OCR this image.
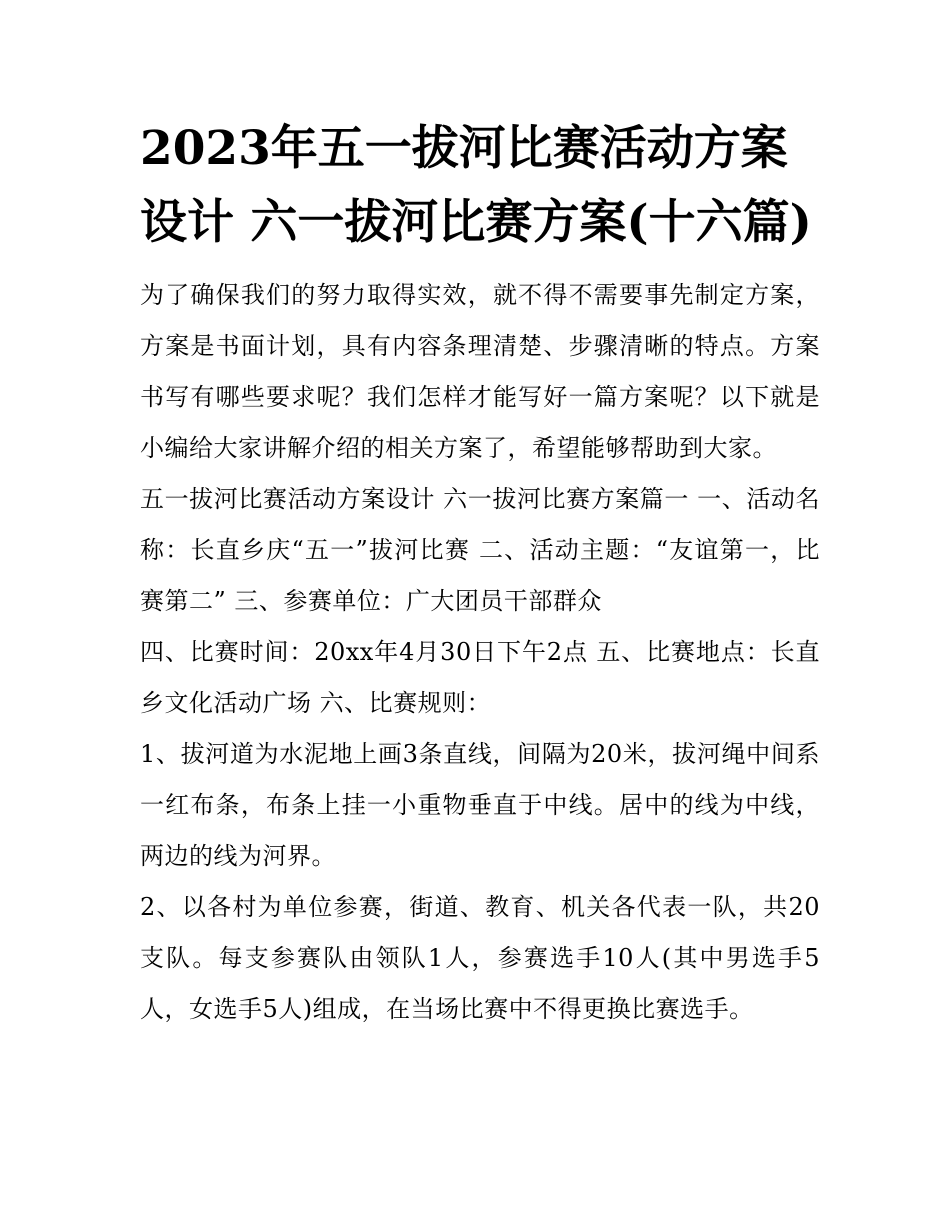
2023年五一拔河比赛活动方案设计 六一拔河比赛方案(十六篇)

为了确保我们的努力取得实效，就不得不需要事先制定方案，方案是书面计划，具有内容条理清楚、步骤清晰的特点。方案书写有哪些要求呢？我们怎样才能写好一篇方案呢？以下就是小编给大家讲解介绍的相关方案了，希望能够帮助到大家。

五一拔河比赛活动方案设计 六一拔河比赛方案篇一 一、活动名称：长直乡庆“五一”拔河比赛 二、活动主题：“友谊第一，比赛第二” 三、参赛单位：广大团员干部群众

四、比赛时间：20xx年4月30日下午2点 五、比赛地点：长直乡文化活动广场 六、比赛规则：

1、拔河道为水泥地上画3条直线，间隔为20米，拔河绳中间系一红布条，布条上挂一小重物垂直于中线。居中的线为中线，两边的线为河界。

2、以各村为单位参赛，街道、教育、机关各代表一队，共20支队。每支参赛队由领队1人，参赛选手10人(其中男选手5人，女选手5人)组成，在当场比赛中不得更换比赛选手。
